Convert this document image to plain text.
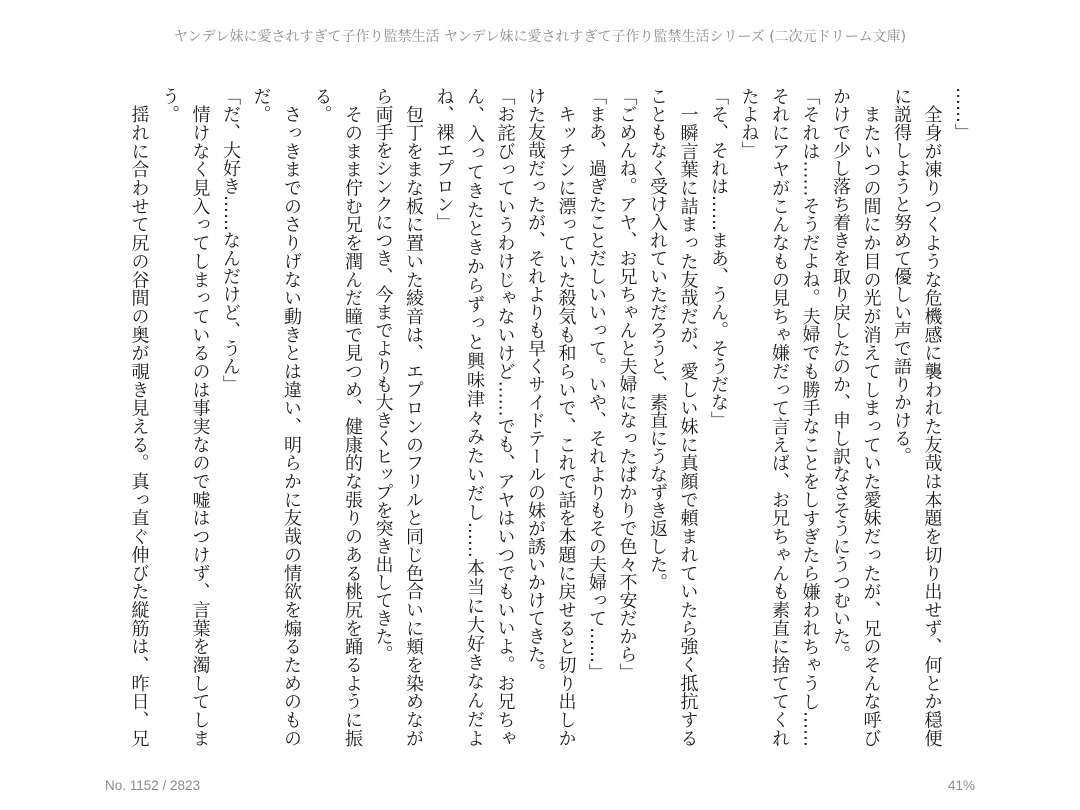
ヤンデレ妹に愛されすぎて子作り監禁生活 ヤンデレ妹に愛されすぎて子作り監禁生活シリーズ (二次元ドリーム文庫)
……」
　全身が凍りつくような危機感に襲われた友哉は本題を切り出せず、何とか穏便
に説得しようと努めて優しい声で語りかける。
　またいつの間にか目の光が消えてしまっていた愛妹だったが、兄のそんな呼び
かけで少し落ち着きを取り戻したのか、申し訳なさそうにうつむいた。
「それは……そうだよね。夫婦でも勝手なことをしすぎたら嫌われちゃうし……
それにアヤがこんなもの見ちゃ嫌だって言えば、お兄ちゃんも素直に捨ててくれ
たよね」
「そ、それは……まあ、うん。そうだな」
　一瞬言葉に詰まった友哉だが、愛しい妹に真顔で頼まれていたら強く抵抗する
こともなく受け入れていただろうと、素直にうなずき返した。
「ごめんね。アヤ、お兄ちゃんと夫婦になったばかりで色々不安だから」
「まあ、過ぎたことだしいいって。いや、それよりもその夫婦って……」
　キッチンに漂っていた殺気も和らいで、これで話を本題に戻せると切り出しか
けた友哉だったが、それよりも早くサイドテールの妹が誘いかけてきた。
「お詫びっていうわけじゃないけど……でも、アヤはいつでもいいよ。お兄ちゃ
ん、入ってきたときからずっと興味津々みたいだし……本当に大好きなんだよ
ね、裸エプロン」
　包丁をまな板に置いた綾音は、エプロンのフリルと同じ色合いに頬を染めなが
ら両手をシンクにつき、今までよりも大きくヒップを突き出してきた。
　そのまま佇む兄を潤んだ瞳で見つめ、健康的な張りのある桃尻を踊るように振
る。
　さっきまでのさりげない動きとは違い、明らかに友哉の情欲を煽るためのもの
だ。
「だ、大好き……なんだけど、うん」
　情けなく見入ってしまっているのは事実なので嘘はつけず、言葉を濁してしま
う。
　揺れに合わせて尻の谷間の奥が覗き見える。真っ直ぐ伸びた縦筋は、昨日、兄
No. 1152 / 2823	41%
